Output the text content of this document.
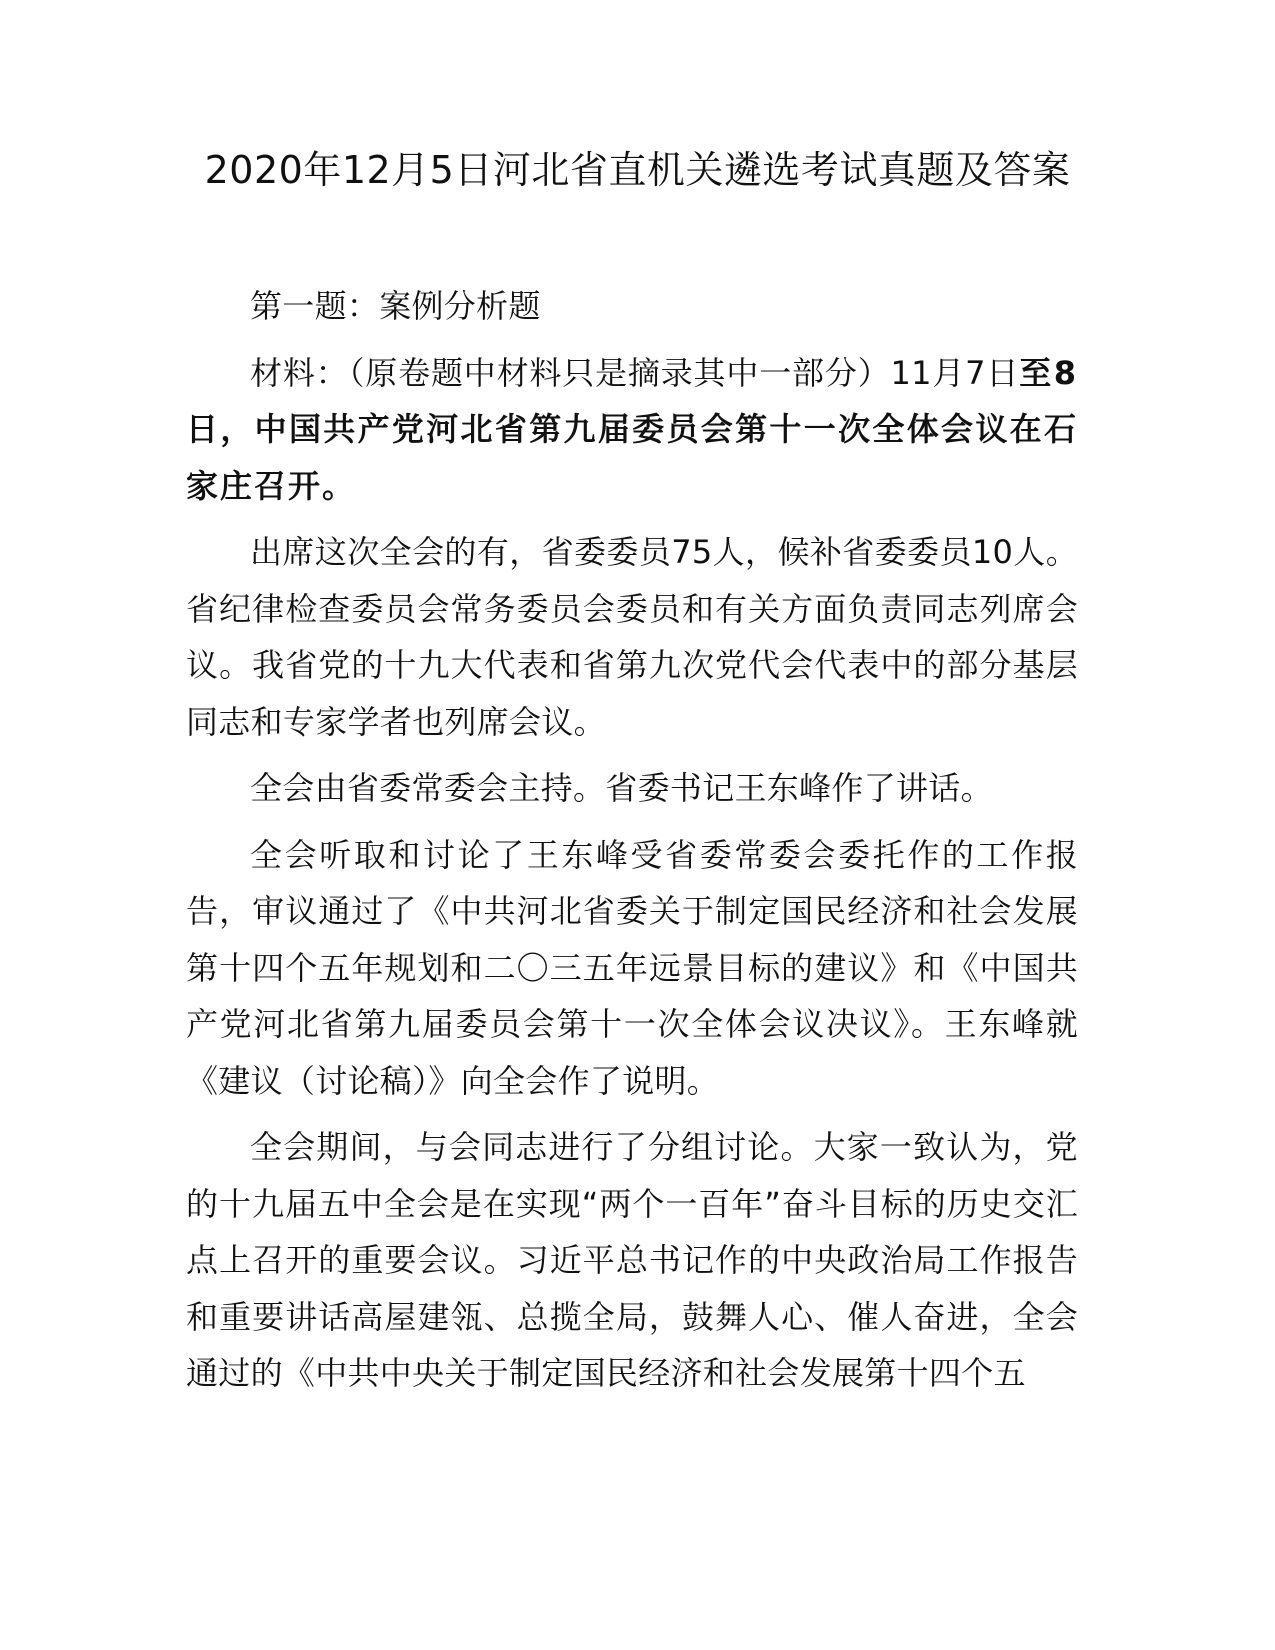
2020年12月5日河北省直机关遴选考试真题及答案

第一题：案例分析题

材料：（原卷题中材料只是摘录其中一部分）11月7日至8日，中国共产党河北省第九届委员会第十一次全体会议在石家庄召开。

出席这次全会的有，省委委员75人，候补省委委员10人。省纪律检查委员会常务委员会委员和有关方面负责同志列席会议。我省党的十九大代表和省第九次党代会代表中的部分基层同志和专家学者也列席会议。

全会由省委常委会主持。省委书记王东峰作了讲话。

全会听取和讨论了王东峰受省委常委会委托作的工作报告，审议通过了《中共河北省委关于制定国民经济和社会发展第十四个五年规划和二〇三五年远景目标的建议》和《中国共产党河北省第九届委员会第十一次全体会议决议》。王东峰就《建议（讨论稿）》向全会作了说明。

全会期间，与会同志进行了分组讨论。大家一致认为，党的十九届五中全会是在实现“两个一百年”奋斗目标的历史交汇点上召开的重要会议。习近平总书记作的中央政治局工作报告和重要讲话高屋建瓴、总揽全局，鼓舞人心、催人奋进，全会通过的《中共中央关于制定国民经济和社会发展第十四个五
